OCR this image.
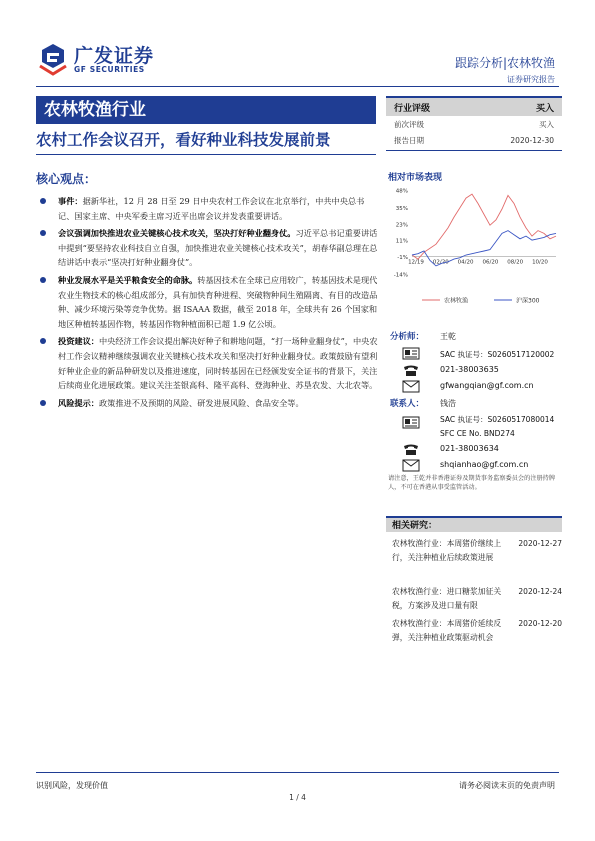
广发证券
GF SECURITIES	跟踪分析|农林牧渔
证券研究报告
农林牧渔行业
农村工作会议召开，看好种业科技发展前景
核心观点：
事件：据新华社，12 月 28 日至 29 日中央农村工作会议在北京举行，中共中央总书记、国家主席、中央军委主席习近平出席会议并发表重要讲话。
会议强调加快推进农业关键核心技术攻关，坚决打好种业翻身仗。习近平总书记重要讲话中提到“要坚持农业科技自立自强，加快推进农业关键核心技术攻关”，胡春华副总理在总结讲话中表示“坚决打好种业翻身仗”。
种业发展水平是关乎粮食安全的命脉。转基因技术在全球已应用较广，转基因技术是现代农业生物技术的核心组成部分，具有加快育种进程、突破物种间生殖隔离、有目的改造品种、减少环境污染等竞争优势。据 ISAAA 数据，截至 2018 年，全球共有 26 个国家和地区种植转基因作物，转基因作物种植面积已超 1.9 亿公顷。
投资建议：中央经济工作会议提出解决好种子和耕地问题，“打一场种业翻身仗”，中央农村工作会议精神继续强调农业关键核心技术攻关和坚决打好种业翻身仗。政策鼓励有望利好种业企业的新品种研发以及推进速度，同时转基因在已经颁发安全证书的背景下，关注后续商业化进展政策。建议关注荃银高科、隆平高科、登海种业、苏垦农发、大北农等。
风险提示：政策推进不及预期的风险、研发进展风险、食品安全等。
行业评级	买入
前次评级	买入
报告日期	2020-12-30
相对市场表现
48%
35%
23%
11%
-1%
-14%
12/19 02/20 04/20 06/20 08/20 10/20
农林牧渔	沪深300
分析师： 王乾
SAC 执证号：S0260517120002
021-38003635
gfwangqian@gf.com.cn
联系人： 钱浩
SAC 执证号：S0260517080014
SFC CE No. BND274
021-38003634
shqianhao@gf.com.cn
请注意，王乾并非香港证券及期货事务监察委员会的注册持牌人，不可在香港从事受监管活动。
相关研究：
农林牧渔行业：本周猪价继续上行，关注种植业后续政策进展
2020-12-27
农林牧渔行业：进口糖浆加征关税，方案涉及进口量有限
2020-12-24
农林牧渔行业：本周猪价延续反弹，关注种植业政策驱动机会
2020-12-20
识别风险，发现价值	请务必阅读末页的免责声明
1 / 4
